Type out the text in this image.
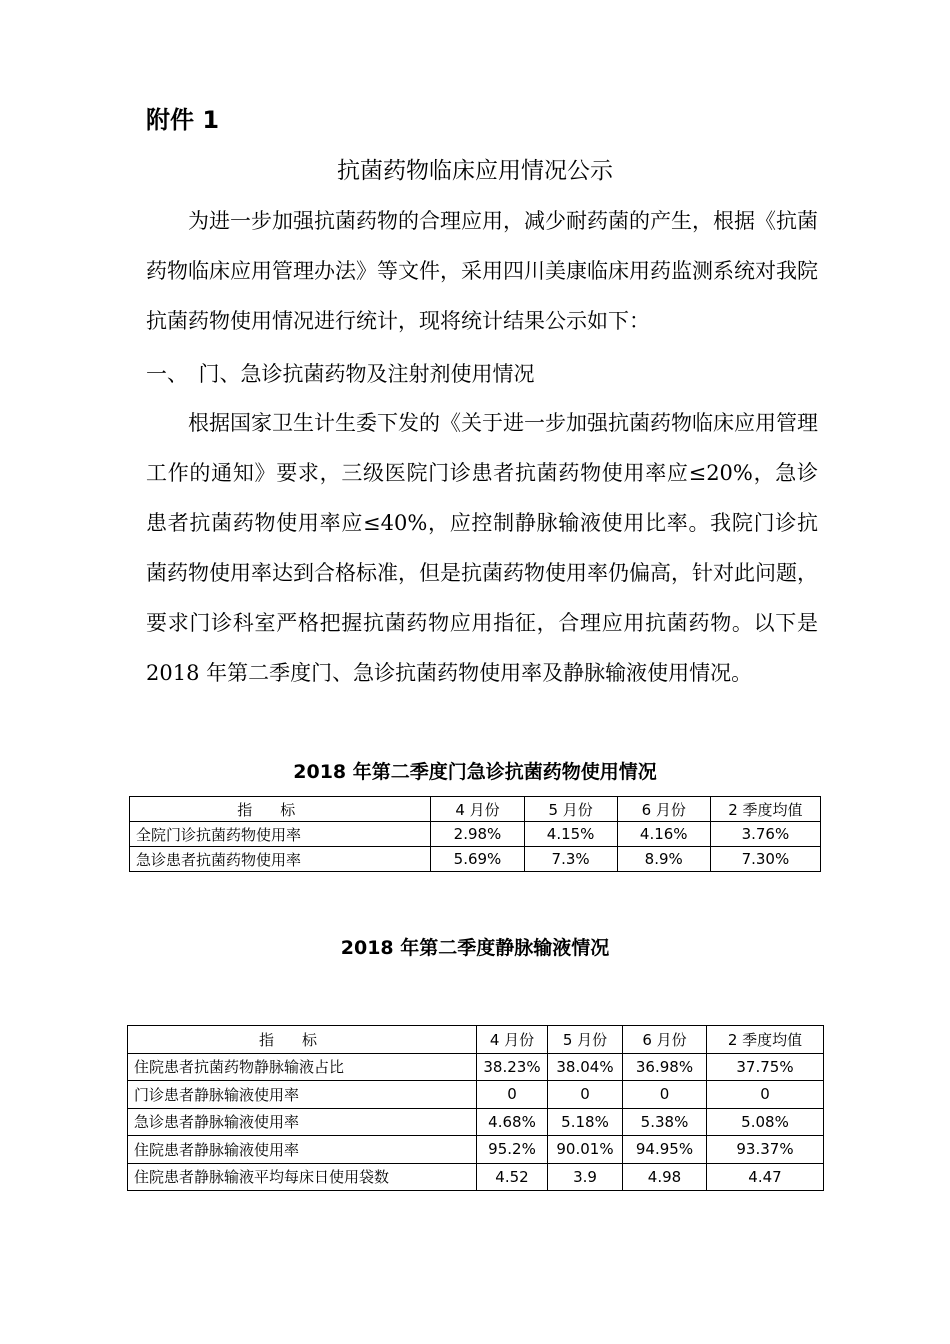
附件 1
抗菌药物临床应用情况公示

为进一步加强抗菌药物的合理应用，减少耐药菌的产生，根据《抗菌药物临床应用管理办法》等文件，采用四川美康临床用药监测系统对我院抗菌药物使用情况进行统计，现将统计结果公示如下：

一、　门、急诊抗菌药物及注射剂使用情况

根据国家卫生计生委下发的《关于进一步加强抗菌药物临床应用管理工作的通知》要求，三级医院门诊患者抗菌药物使用率应≤20%，急诊患者抗菌药物使用率应≤40%，应控制静脉输液使用比率。我院门诊抗菌药物使用率达到合格标准，但是抗菌药物使用率仍偏高，针对此问题，要求门诊科室严格把握抗菌药物应用指征，合理应用抗菌药物。以下是 2018 年第二季度门、急诊抗菌药物使用率及静脉输液使用情况。

2018 年第二季度门急诊抗菌药物使用情况
指标	4 月份	5 月份	6 月份	2 季度均值
全院门诊抗菌药物使用率	2.98%	4.15%	4.16%	3.76%
急诊患者抗菌药物使用率	5.69%	7.3%	8.9%	7.30%
2018 年第二季度静脉输液情况
指标	4 月份	5 月份	6 月份	2 季度均值
住院患者抗菌药物静脉输液占比	38.23%	38.04%	36.98%	37.75%
门诊患者静脉输液使用率	0	0	0	0
急诊患者静脉输液使用率	4.68%	5.18%	5.38%	5.08%
住院患者静脉输液使用率	95.2%	90.01%	94.95%	93.37%
住院患者静脉输液平均每床日使用袋数	4.52	3.9	4.98	4.47
